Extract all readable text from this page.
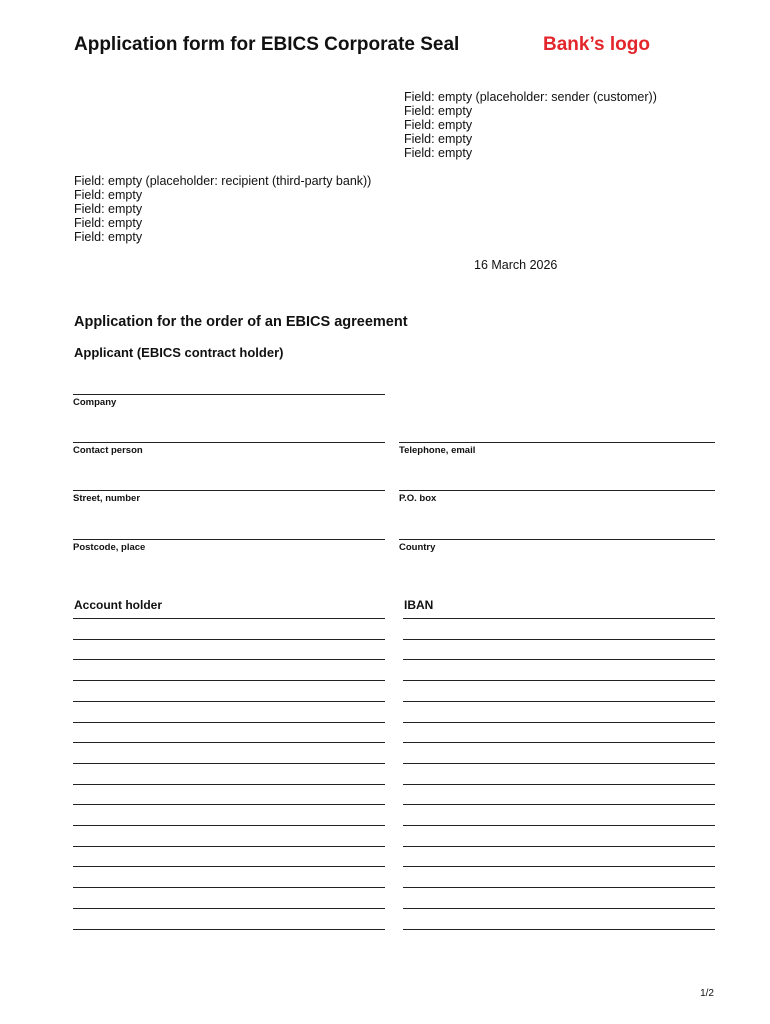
Application form for EBICS Corporate Seal	Bank’s logo
Field: empty (placeholder: sender (customer))
Field: empty
Field: empty
Field: empty
Field: empty
Field: empty (placeholder: recipient (third-party bank))
Field: empty
Field: empty
Field: empty
Field: empty
16 March 2026
Application for the order of an EBICS agreement
Applicant (EBICS contract holder)
Company
Contact person	Telephone, email
Street, number	P.O. box
Postcode, place	Country
Account holder	IBAN
1/2
